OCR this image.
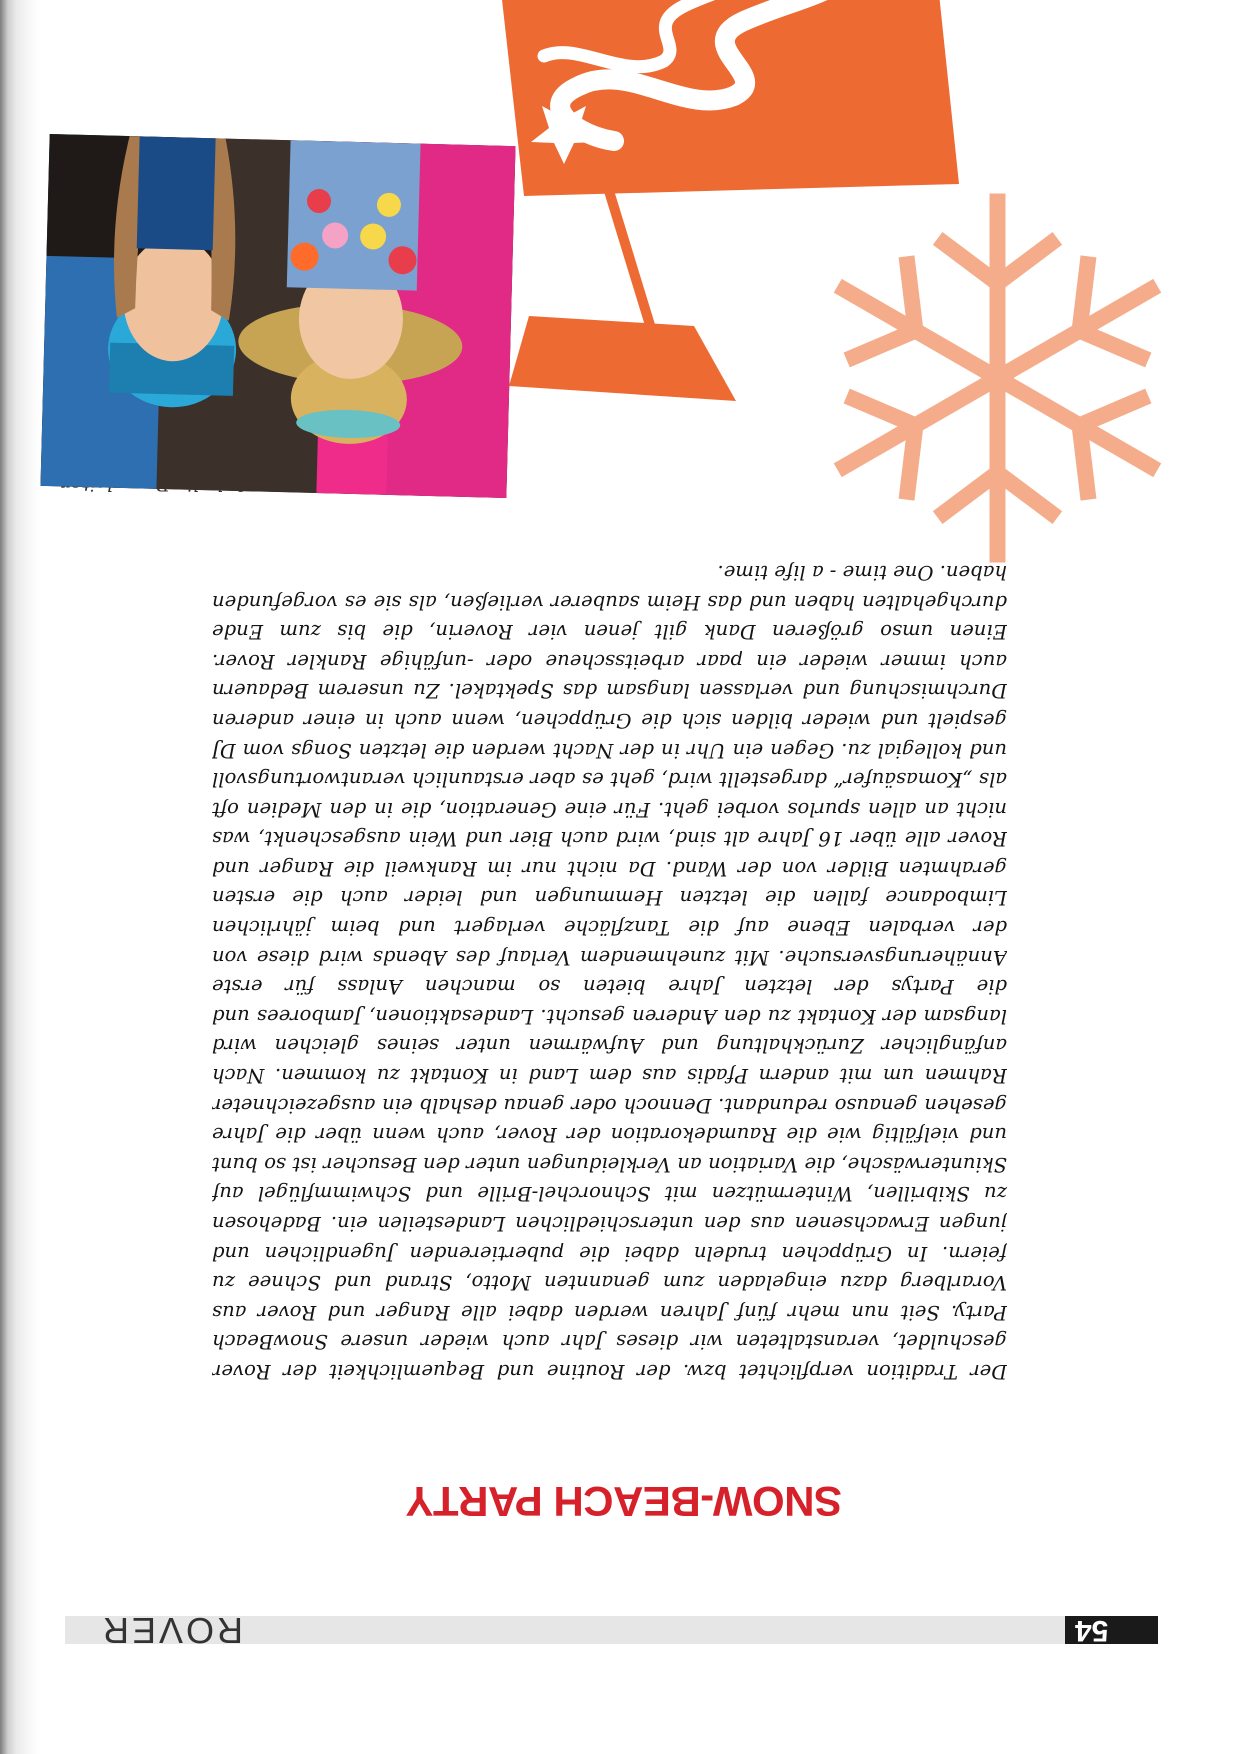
54
ROVER
SNOW-BEACH PARTY

Der Tradition verpflichtet bzw. der Routine und Bequemlichkeit der Rover geschuldet, veranstalteten wir dieses Jahr auch wieder unsere SnowBeach Party. Seit nun mehr fünf Jahren werden dabei alle Ranger und Rover aus Vorarlberg dazu eingeladen zum genannten Motto, Strand und Schnee zu feiern. In Grüppchen trudeln dabei die pubertierenden Jugendlichen und jungen Erwachsenen aus den unterschiedlichen Landesteilen ein. Badehosen zu Skibrillen, Wintermützen mit Schnorchel-Brille und Schwimmflügel auf Skiunterwäsche, die Variation an Verkleidungen unter den Besucher ist so bunt und vielfältig wie die Raumdekoration der Rover, auch wenn über die Jahre gesehen genauso redundant. Dennoch oder genau deshalb ein ausgezeichneter Rahmen um mit andern Pfadis aus dem Land in Kontakt zu kommen. Nach anfänglicher Zurückhaltung und Aufwärmen unter seines gleichen wird langsam der Kontakt zu den Anderen gesucht. Landesaktionen, Jamborees und die Partys der letzten Jahre bieten so manchen Anlass für erste Annäherungsversuche. Mit zunehmendem Verlauf des Abends wird diese von der verbalen Ebene auf die Tanzfläche verlagert und beim jährlichen Limbodance fallen die letzten Hemmungen und leider auch die ersten gerahmten Bilder von der Wand. Da nicht nur im Rankweil die Ranger und Rover alle über 16 Jahre alt sind, wird auch Bier und Wein ausgeschenkt, was nicht an allen spurlos vorbei geht. Für eine Generation, die in den Medien oft als „Komasäufer“ dargestellt wird, geht es aber erstaunlich verantwortungsvoll und kollegial zu. Gegen ein Uhr in der Nacht werden die letzten Songs vom DJ gespielt und wieder bilden sich die Grüppchen, wenn auch in einer anderen Durchmischung und verlassen langsam das Spektakel. Zu unserem Bedauern auch immer wieder ein paar arbeitsscheue oder -unfähige Rankler Rover. Einen umso größeren Dank gilt jenen vier Roverin, die bis zum Ende durchgehalten haben und das Heim sauberer verließen, als sie es vorgefunden haben. One time - a life time.
